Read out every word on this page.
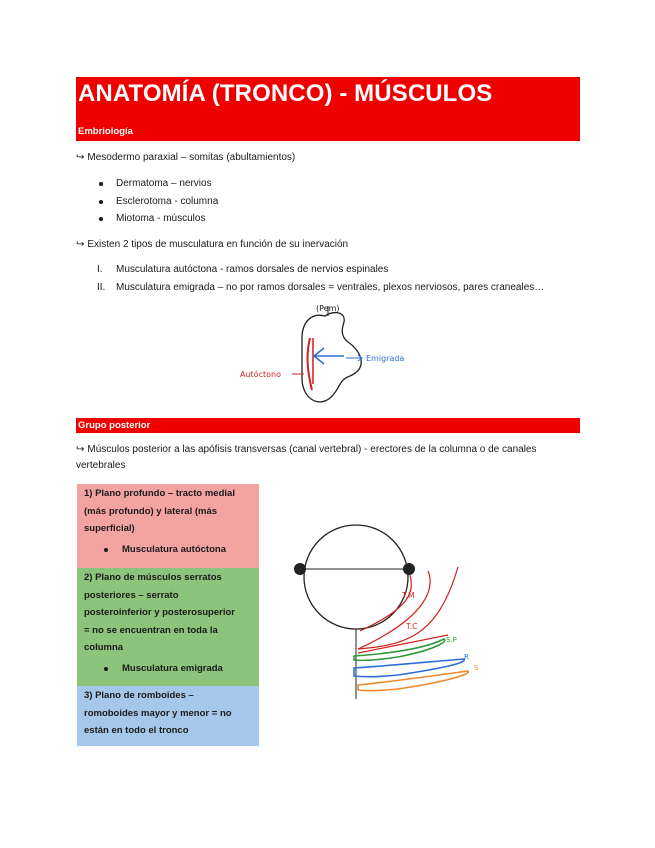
ANATOMÍA (TRONCO) - MÚSCULOS
Embriología
↪ Mesodermo paraxial – somitas (abultamientos)
Dermatoma – nervios
Esclerotoma - columna
Miotoma - músculos
↪ Existen 2 tipos de musculatura en función de su inervación
I. Musculatura autóctona - ramos dorsales de nervios espinales
II. Musculatura emigrada – no por ramos dorsales = ventrales, plexos nerviosos, pares craneales…
(Pem)
Emigrada
Autóctono
Grupo posterior
↪ Músculos posterior a las apófisis transversas (canal vertebral) - erectores de la columna o de canales
vertebrales
1) Plano profundo – tracto medial
(más profundo) y lateral (más
superficial)
Musculatura autóctona
2) Plano de músculos serratos
posteriores – serrato
posteroinferior y posterosuperior
= no se encuentran en toda la
columna
Musculatura emigrada
3) Plano de romboides –
romoboides mayor y menor = no
están en todo el tronco
T.M
T.C
S.P
R
S
